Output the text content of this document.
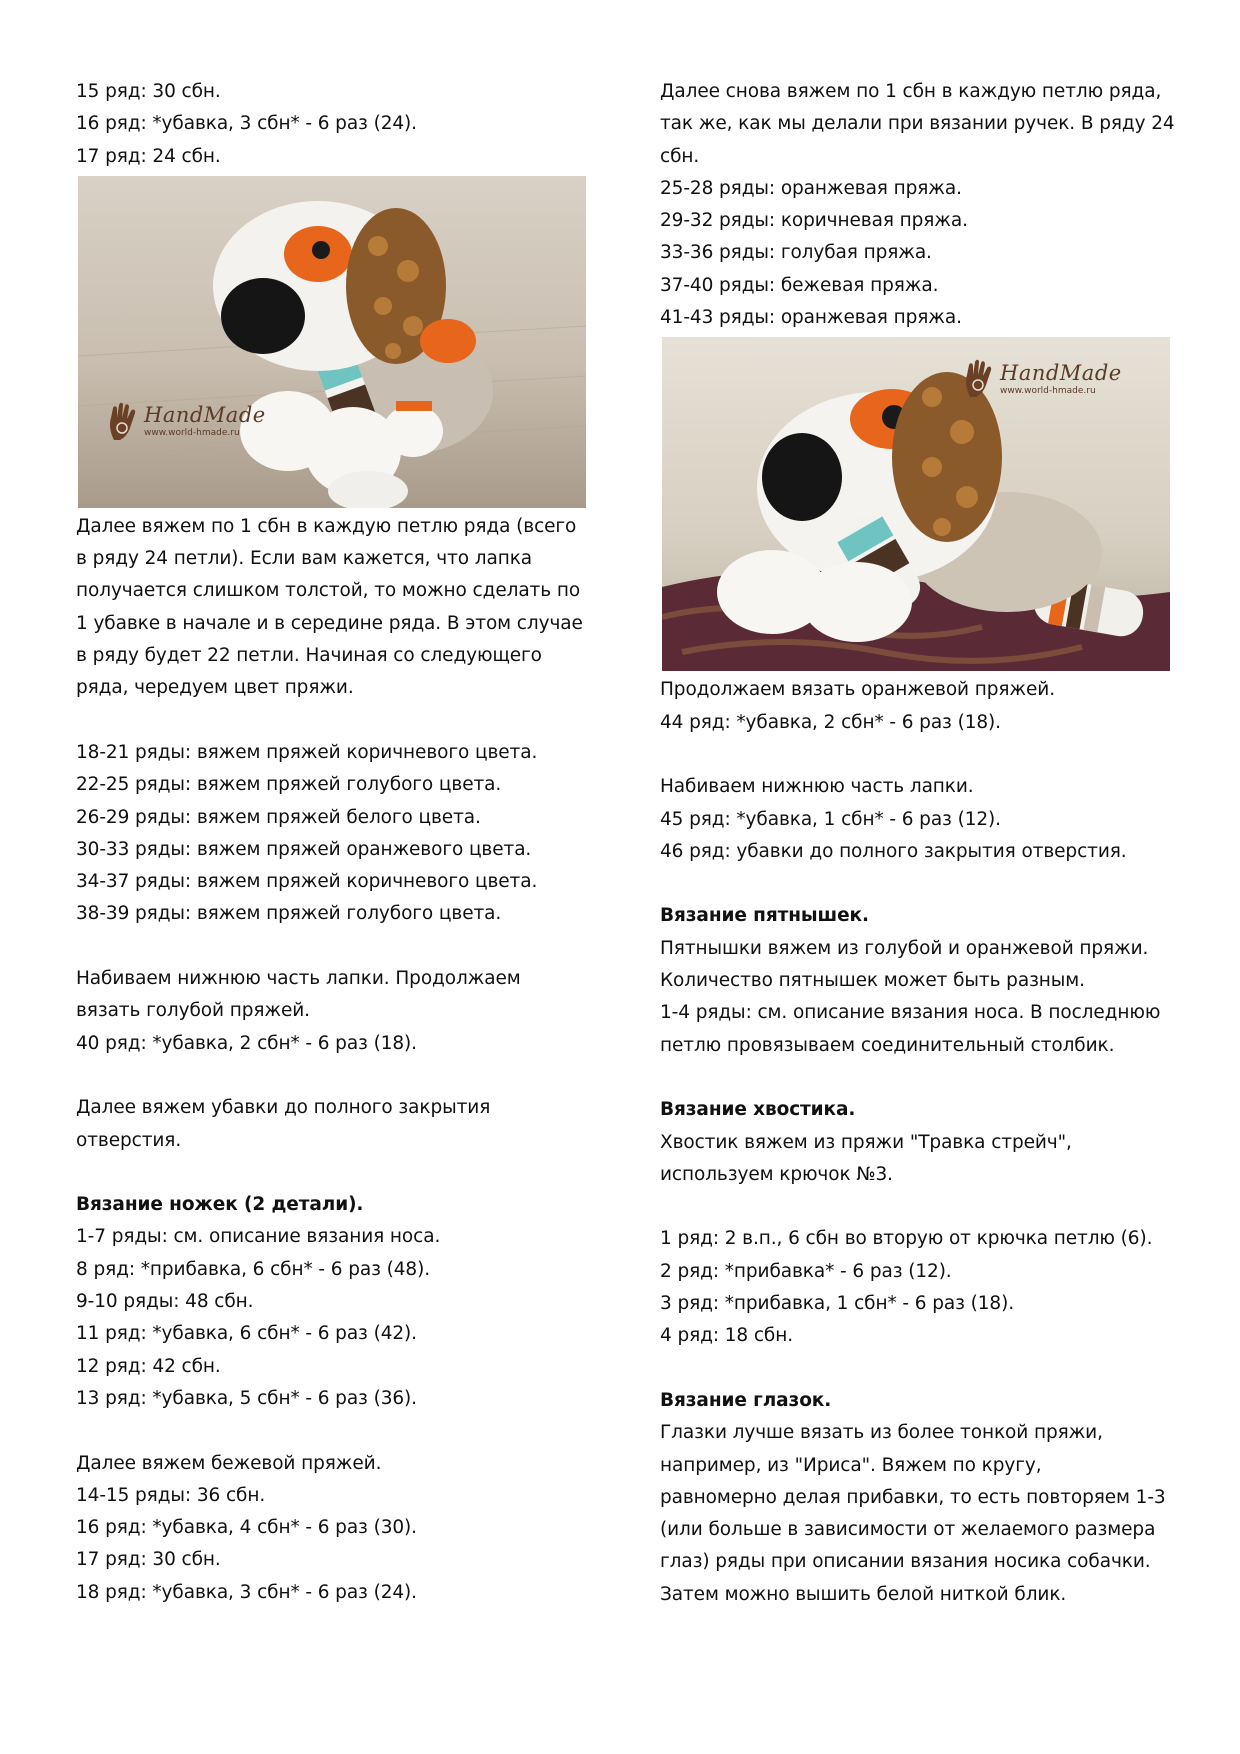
15 ряд: 30 сбн.
16 ряд: *убавка, 3 сбн* - 6 раз (24).
17 ряд: 24 сбн.
HandMade
www.world-hmade.ru
Далее вяжем по 1 сбн в каждую петлю ряда (всего
в ряду 24 петли). Если вам кажется, что лапка
получается слишком толстой, то можно сделать по
1 убавке в начале и в середине ряда. В этом случае
в ряду будет 22 петли. Начиная со следующего
ряда, чередуем цвет пряжи.
18-21 ряды: вяжем пряжей коричневого цвета.
22-25 ряды: вяжем пряжей голубого цвета.
26-29 ряды: вяжем пряжей белого цвета.
30-33 ряды: вяжем пряжей оранжевого цвета.
34-37 ряды: вяжем пряжей коричневого цвета.
38-39 ряды: вяжем пряжей голубого цвета.
Набиваем нижнюю часть лапки. Продолжаем
вязать голубой пряжей.
40 ряд: *убавка, 2 сбн* - 6 раз (18).
Далее вяжем убавки до полного закрытия
отверстия.
Вязание ножек (2 детали).
1-7 ряды: см. описание вязания носа.
8 ряд: *прибавка, 6 сбн* - 6 раз (48).
9-10 ряды: 48 сбн.
11 ряд: *убавка, 6 сбн* - 6 раз (42).
12 ряд: 42 сбн.
13 ряд: *убавка, 5 сбн* - 6 раз (36).
Далее вяжем бежевой пряжей.
14-15 ряды: 36 сбн.
16 ряд: *убавка, 4 сбн* - 6 раз (30).
17 ряд: 30 сбн.
18 ряд: *убавка, 3 сбн* - 6 раз (24).
Далее снова вяжем по 1 сбн в каждую петлю ряда,
так же, как мы делали при вязании ручек. В ряду 24
сбн.
25-28 ряды: оранжевая пряжа.
29-32 ряды: коричневая пряжа.
33-36 ряды: голубая пряжа.
37-40 ряды: бежевая пряжа.
41-43 ряды: оранжевая пряжа.
HandMade
www.world-hmade.ru
Продолжаем вязать оранжевой пряжей.
44 ряд: *убавка, 2 сбн* - 6 раз (18).
Набиваем нижнюю часть лапки.
45 ряд: *убавка, 1 сбн* - 6 раз (12).
46 ряд: убавки до полного закрытия отверстия.
Вязание пятнышек.
Пятнышки вяжем из голубой и оранжевой пряжи.
Количество пятнышек может быть разным.
1-4 ряды: см. описание вязания носа. В последнюю
петлю провязываем соединительный столбик.
Вязание хвостика.
Хвостик вяжем из пряжи "Травка стрейч",
используем крючок №3.
1 ряд: 2 в.п., 6 сбн во вторую от крючка петлю (6).
2 ряд: *прибавка* - 6 раз (12).
3 ряд: *прибавка, 1 сбн* - 6 раз (18).
4 ряд: 18 сбн.
Вязание глазок.
Глазки лучше вязать из более тонкой пряжи,
например, из "Ириса". Вяжем по кругу,
равномерно делая прибавки, то есть повторяем 1-3
(или больше в зависимости от желаемого размера
глаз) ряды при описании вязания носика собачки.
Затем можно вышить белой ниткой блик.
